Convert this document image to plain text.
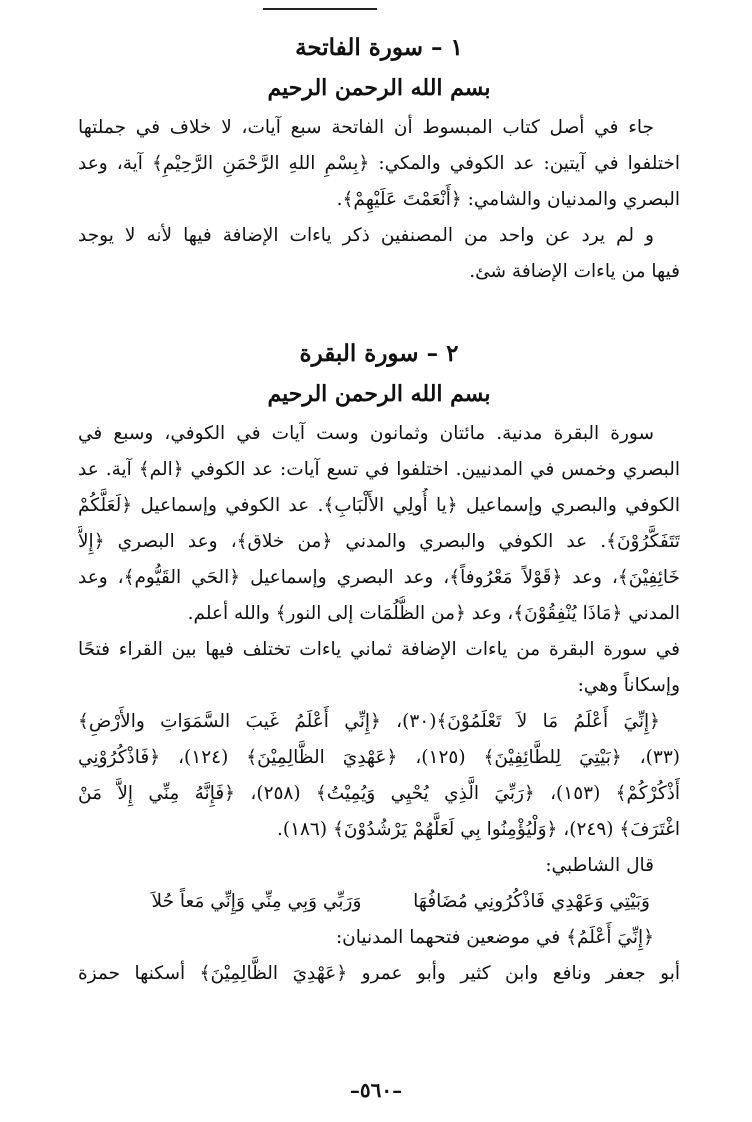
١ – سورة الفاتحة
بسم الله الرحمن الرحيم
جاء في أصل كتاب المبسوط أن الفاتحة سبع آيات، لا خلاف في جملتها
اختلفوا في آيتين: عد الكوفي والمكي: ﴿بِسْمِ اللهِ الرَّحْمَنِ الرَّحِيْمِ﴾ آية، وعد
البصري والمدنيان والشامي: ﴿أَنْعَمْتَ عَلَيْهِمْ﴾.
و لم يرد عن واحد من المصنفين ذكر ياءات الإضافة فيها لأنه لا يوجد
فيها من ياءات الإضافة شئ.
٢ – سورة البقرة
بسم الله الرحمن الرحيم
سورة البقرة مدنية. مائتان وثمانون وست آيات في الكوفي، وسبع في
البصري وخمس في المدنيين. اختلفوا في تسع آيات: عد الكوفي ﴿الم﴾ آية. عد
الكوفي والبصري وإسماعيل ﴿يا أُولِي الأَلْبَابِ﴾. عد الكوفي وإسماعيل ﴿لَعَلَّكُمْ
تَتَفَكَّرُوْنَ﴾. عد الكوفي والبصري والمدني ﴿من خلاق﴾، وعد البصري ﴿إِلاَّ
خَائِفِيْنَ﴾، وعد ﴿قَوْلاً مَعْرُوفاً﴾، وعد البصري وإسماعيل ﴿الحَي القَيُّوم﴾، وعد
المدني ﴿مَاذَا يُنْفِقُوْنَ﴾، وعد ﴿من الظُّلُمَات إلى النور﴾ والله أعلم.
في سورة البقرة من ياءات الإضافة ثماني ياءات تختلف فيها بين القراء فتحًا
وإسكاناً وهي:
﴿إِنِّيَ أَعْلَمُ مَا لاَ تَعْلَمُوْنَ﴾(٣٠)، ﴿إِنِّي أَعْلَمُ غَيبَ السَّمَوَاتِ والأَرْضِ﴾
(٣٣)، ﴿بَيْتِيَ لِلطَّائِفِيْنَ﴾ (١٢٥)، ﴿عَهْدِيَ الظَّالِمِيْنَ﴾ (١٢٤)، ﴿فَاذْكُرُوْنِي
أَذْكُرْكُمْ﴾ (١٥٣)، ﴿رَبِّيَ الَّذِي يُحْيِي وَيُمِيْتُ﴾ (٢٥٨)، ﴿فَإِنَّهُ مِنِّي إِلاَّ مَنْ
اغْتَرَفَ﴾ (٢٤٩)، ﴿وَلْيُؤْمِنُوا بِي لَعَلَّهُمْ يَرْشُدُوْنَ﴾ (١٨٦).
قال الشاطبي:
وَبَيْتِي وَعَهْدِي فَاذْكُرُونِي مُضَافُهَا  وَرَبِّي وَبِي مِنِّي وَإِنِّي مَعاً حُلاَ
﴿إِنِّيَ أَعْلَمُ﴾ في موضعين فتحهما المدنيان:
أبو جعفر ونافع وابن كثير وأبو عمرو ﴿عَهْدِيَ الظَّالِمِيْنَ﴾ أسكنها حمزة
–٥٦٠–
